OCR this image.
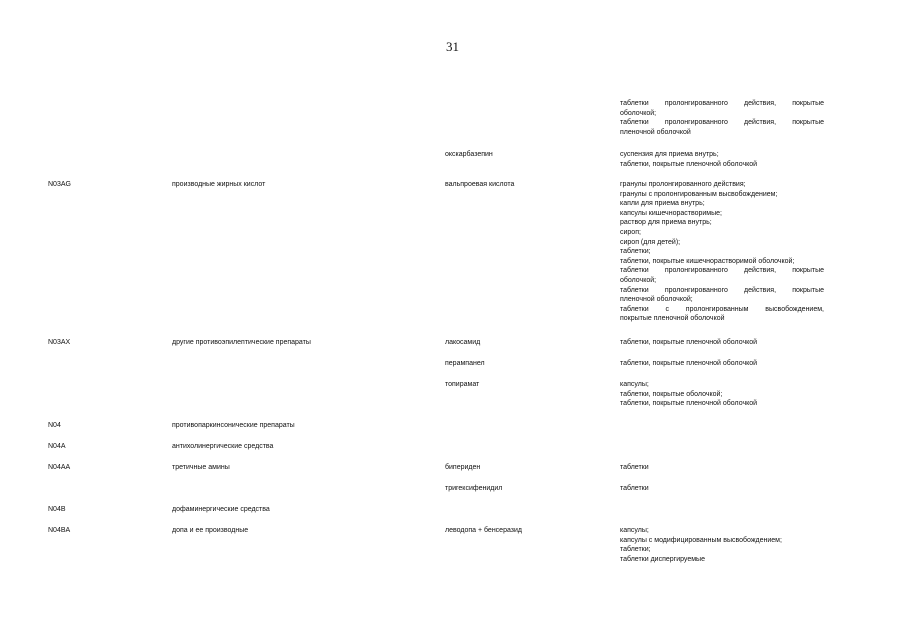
31
таблетки пролонгированного действия, покрытые
оболочкой;
таблетки пролонгированного действия, покрытые
пленочной оболочкой
окскарбазепин	суспензия для приема внутрь;
таблетки, покрытые пленочной оболочкой
N03AG	производные жирных кислот	вальпроевая кислота	гранулы пролонгированного действия;
гранулы с пролонгированным высвобождением;
капли для приема внутрь;
капсулы кишечнорастворимые;
раствор для приема внутрь;
сироп;
сироп (для детей);
таблетки;
таблетки, покрытые кишечнорастворимой оболочкой;
таблетки пролонгированного действия, покрытые
оболочкой;
таблетки пролонгированного действия, покрытые
пленочной оболочкой;
таблетки с пролонгированным высвобождением,
покрытые пленочной оболочкой
N03AX	другие противоэпилептические препараты	лакосамид	таблетки, покрытые пленочной оболочкой
перампанел	таблетки, покрытые пленочной оболочкой
топирамат	капсулы;
таблетки, покрытые оболочкой;
таблетки, покрытые пленочной оболочкой
N04	противопаркинсонические препараты
N04A	антихолинергические средства
N04AA	третичные амины	бипериден	таблетки
тригексифенидил	таблетки
N04B	дофаминергические средства
N04BA	допа и ее производные	леводопа + бенсеразид	капсулы;
капсулы с модифицированным высвобождением;
таблетки;
таблетки диспергируемые
